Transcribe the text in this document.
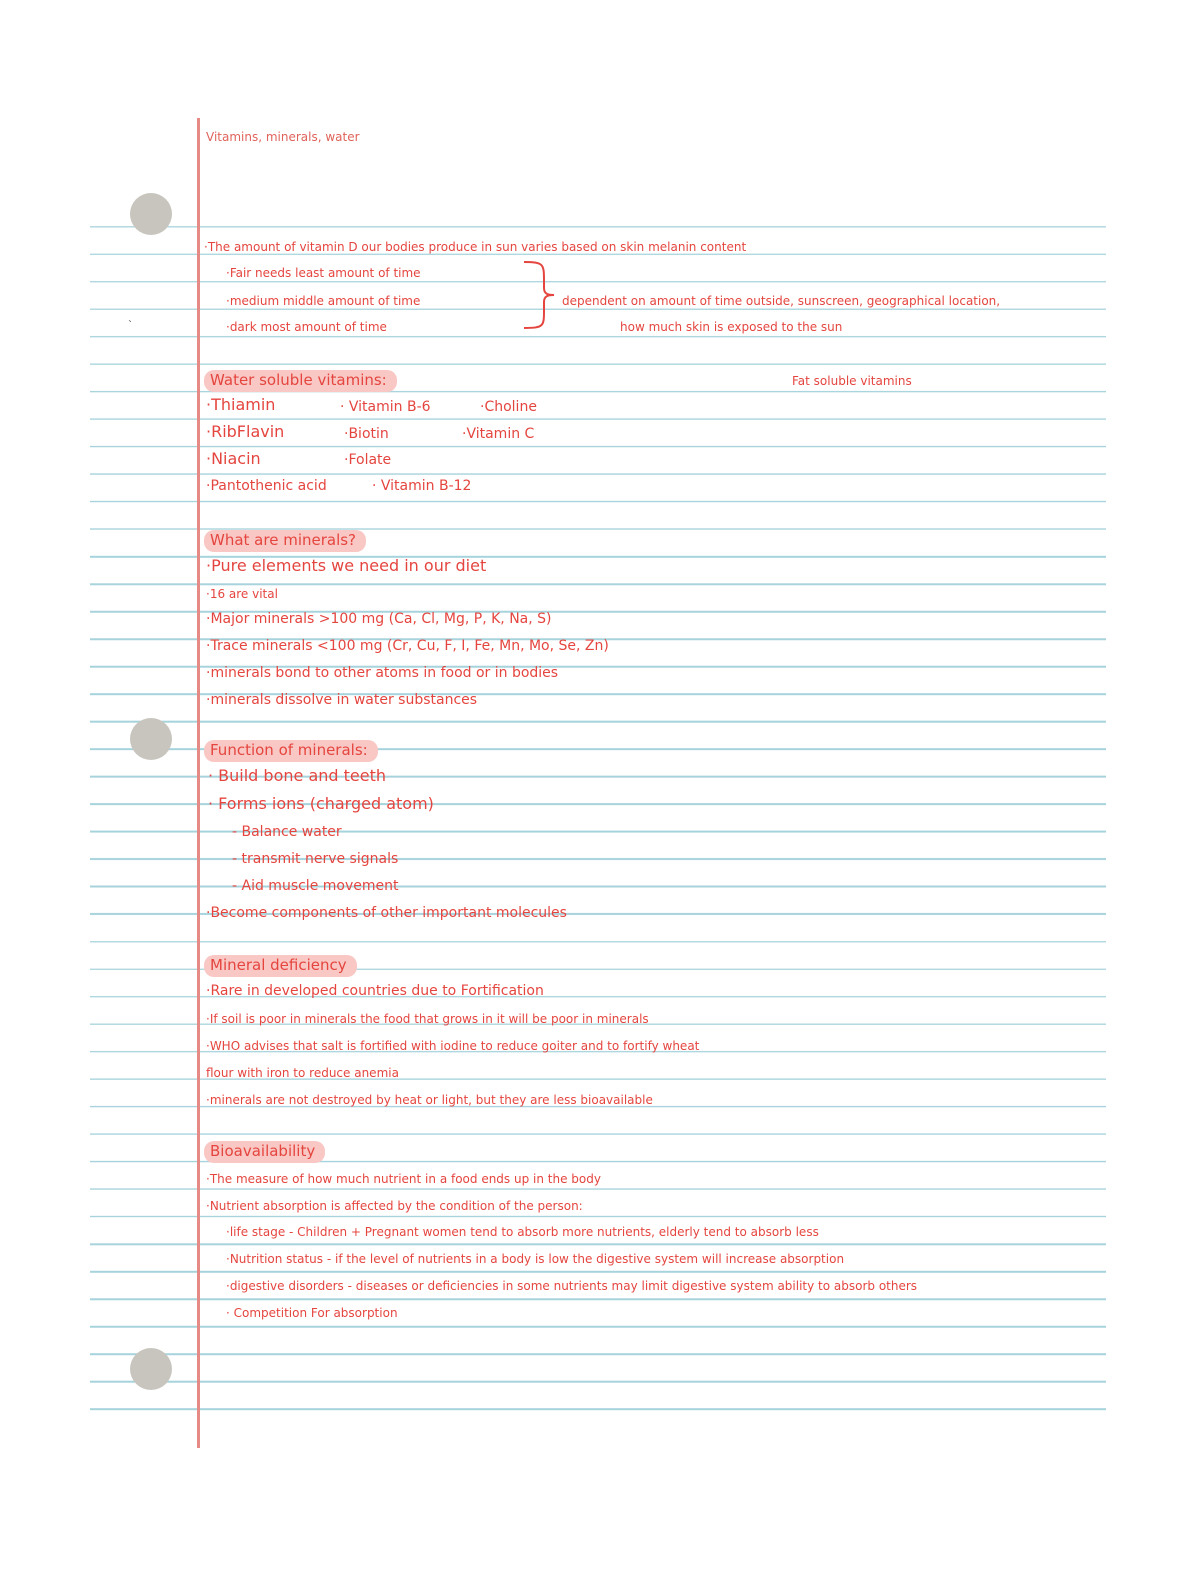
`

Vitamins, minerals, water

·The amount of vitamin D our bodies produce in sun varies based on skin melanin content

·Fair needs least amount of time

·medium middle amount of time

·dark most amount of time

dependent on amount of time outside, sunscreen, geographical location,

how much skin is exposed to the sun

Water soluble vitamins:	Fat soluble vitamins

·Thiamin	· Vitamin B-6	·Choline

·RibFlavin	·Biotin	·Vitamin C

·Niacin	·Folate

·Pantothenic acid	· Vitamin B-12

What are minerals?

·Pure elements we need in our diet

·16 are vital

·Major minerals >100 mg (Ca, Cl, Mg, P, K, Na, S)

·Trace minerals <100 mg (Cr, Cu, F, I, Fe, Mn, Mo, Se, Zn)

·minerals bond to other atoms in food or in bodies

·minerals dissolve in water substances

Function of minerals:

· Build bone and teeth

· Forms ions (charged atom)

- Balance water

- transmit nerve signals

- Aid muscle movement

·Become components of other important molecules

Mineral deficiency

·Rare in developed countries due to Fortification

·If soil is poor in minerals the food that grows in it will be poor in minerals

·WHO advises that salt is fortified with iodine to reduce goiter and to fortify wheat

flour with iron to reduce anemia

·minerals are not destroyed by heat or light, but they are less bioavailable

Bioavailability

·The measure of how much nutrient in a food ends up in the body

·Nutrient absorption is affected by the condition of the person:

·life stage - Children + Pregnant women tend to absorb more nutrients, elderly tend to absorb less

·Nutrition status - if the level of nutrients in a body is low the digestive system will increase absorption

·digestive disorders - diseases or deficiencies in some nutrients may limit digestive system ability to absorb others

· Competition For absorption
